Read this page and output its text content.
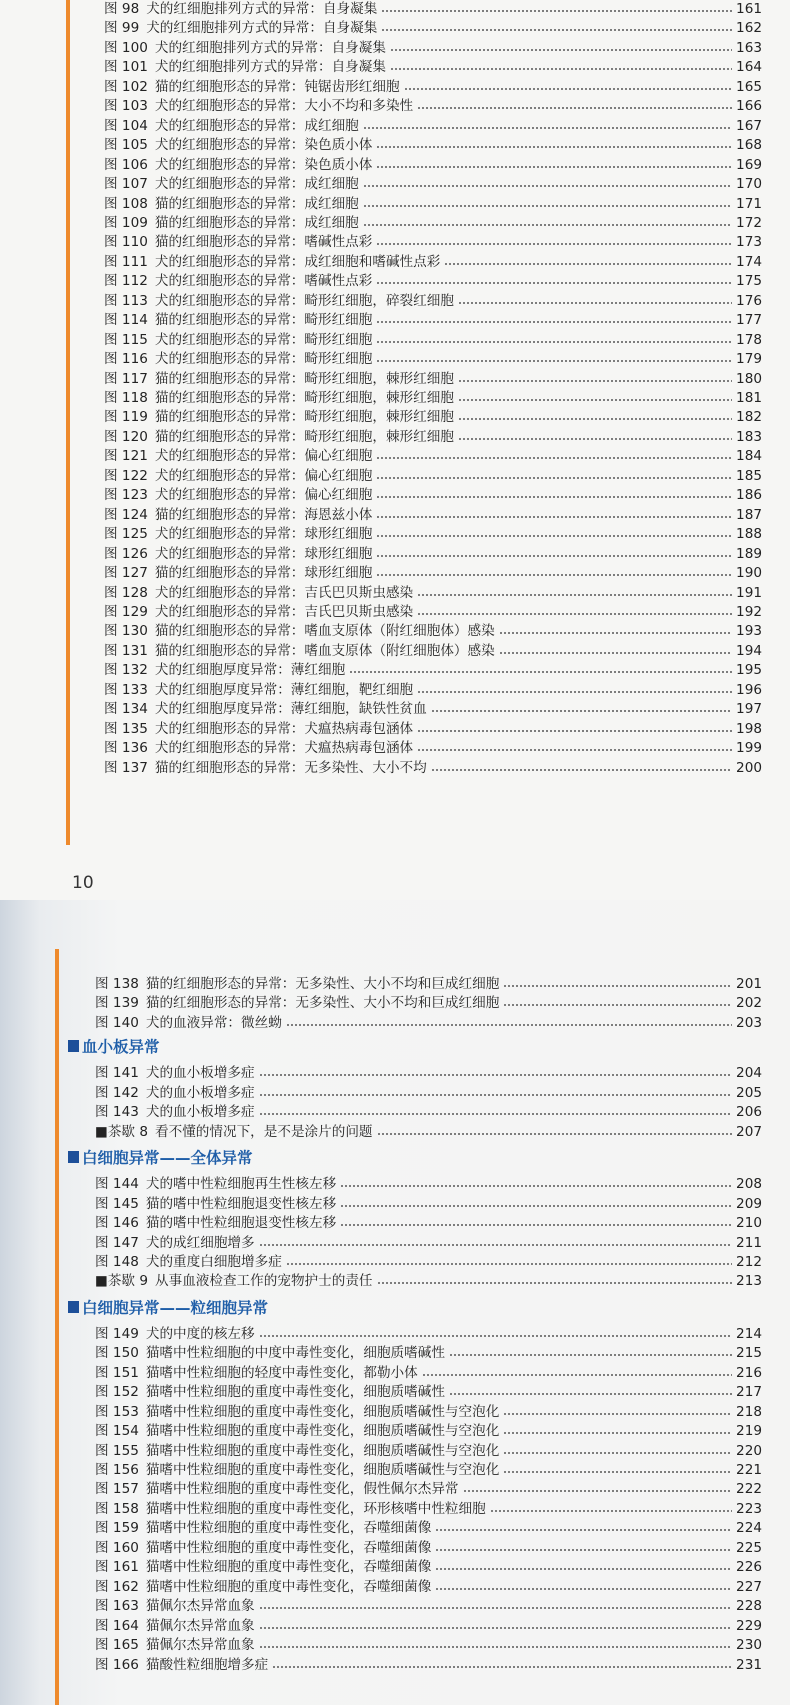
图 98 犬的红细胞排列方式的异常：自身凝集	161
图 99 犬的红细胞排列方式的异常：自身凝集	162
图 100 犬的红细胞排列方式的异常：自身凝集	163
图 101 犬的红细胞排列方式的异常：自身凝集	164
图 102 猫的红细胞形态的异常：钝锯齿形红细胞	165
图 103 犬的红细胞形态的异常：大小不均和多染性	166
图 104 犬的红细胞形态的异常：成红细胞	167
图 105 犬的红细胞形态的异常：染色质小体	168
图 106 犬的红细胞形态的异常：染色质小体	169
图 107 犬的红细胞形态的异常：成红细胞	170
图 108 猫的红细胞形态的异常：成红细胞	171
图 109 猫的红细胞形态的异常：成红细胞	172
图 110 猫的红细胞形态的异常：嗜碱性点彩	173
图 111 犬的红细胞形态的异常：成红细胞和嗜碱性点彩	174
图 112 犬的红细胞形态的异常：嗜碱性点彩	175
图 113 犬的红细胞形态的异常：畸形红细胞，碎裂红细胞	176
图 114 猫的红细胞形态的异常：畸形红细胞	177
图 115 犬的红细胞形态的异常：畸形红细胞	178
图 116 犬的红细胞形态的异常：畸形红细胞	179
图 117 猫的红细胞形态的异常：畸形红细胞，棘形红细胞	180
图 118 猫的红细胞形态的异常：畸形红细胞，棘形红细胞	181
图 119 猫的红细胞形态的异常：畸形红细胞，棘形红细胞	182
图 120 猫的红细胞形态的异常：畸形红细胞，棘形红细胞	183
图 121 犬的红细胞形态的异常：偏心红细胞	184
图 122 犬的红细胞形态的异常：偏心红细胞	185
图 123 犬的红细胞形态的异常：偏心红细胞	186
图 124 猫的红细胞形态的异常：海恩兹小体	187
图 125 犬的红细胞形态的异常：球形红细胞	188
图 126 犬的红细胞形态的异常：球形红细胞	189
图 127 猫的红细胞形态的异常：球形红细胞	190
图 128 犬的红细胞形态的异常：吉氏巴贝斯虫感染	191
图 129 犬的红细胞形态的异常：吉氏巴贝斯虫感染	192
图 130 猫的红细胞形态的异常：嗜血支原体（附红细胞体）感染	193
图 131 猫的红细胞形态的异常：嗜血支原体（附红细胞体）感染	194
图 132 犬的红细胞厚度异常：薄红细胞	195
图 133 犬的红细胞厚度异常：薄红细胞，靶红细胞	196
图 134 犬的红细胞厚度异常：薄红细胞，缺铁性贫血	197
图 135 犬的红细胞形态的异常：犬瘟热病毒包涵体	198
图 136 犬的红细胞形态的异常：犬瘟热病毒包涵体	199
图 137 猫的红细胞形态的异常：无多染性、大小不均	200
10
图 138 猫的红细胞形态的异常：无多染性、大小不均和巨成红细胞	201
图 139 猫的红细胞形态的异常：无多染性、大小不均和巨成红细胞	202
图 140 犬的血液异常：微丝蚴	203
血小板异常
图 141 犬的血小板增多症	204
图 142 犬的血小板增多症	205
图 143 犬的血小板增多症	206
■茶歇 8 看不懂的情况下，是不是涂片的问题	207
白细胞异常——全体异常
图 144 犬的嗜中性粒细胞再生性核左移	208
图 145 猫的嗜中性粒细胞退变性核左移	209
图 146 猫的嗜中性粒细胞退变性核左移	210
图 147 犬的成红细胞增多	211
图 148 犬的重度白细胞增多症	212
■茶歇 9 从事血液检查工作的宠物护士的责任	213
白细胞异常——粒细胞异常
图 149 犬的中度的核左移	214
图 150 猫嗜中性粒细胞的中度中毒性变化，细胞质嗜碱性	215
图 151 猫嗜中性粒细胞的轻度中毒性变化，都勒小体	216
图 152 猫嗜中性粒细胞的重度中毒性变化，细胞质嗜碱性	217
图 153 猫嗜中性粒细胞的重度中毒性变化，细胞质嗜碱性与空泡化	218
图 154 猫嗜中性粒细胞的重度中毒性变化，细胞质嗜碱性与空泡化	219
图 155 猫嗜中性粒细胞的重度中毒性变化，细胞质嗜碱性与空泡化	220
图 156 猫嗜中性粒细胞的重度中毒性变化，细胞质嗜碱性与空泡化	221
图 157 猫嗜中性粒细胞的重度中毒性变化，假性佩尔杰异常	222
图 158 猫嗜中性粒细胞的重度中毒性变化，环形核嗜中性粒细胞	223
图 159 猫嗜中性粒细胞的重度中毒性变化，吞噬细菌像	224
图 160 猫嗜中性粒细胞的重度中毒性变化，吞噬细菌像	225
图 161 猫嗜中性粒细胞的重度中毒性变化，吞噬细菌像	226
图 162 猫嗜中性粒细胞的重度中毒性变化，吞噬细菌像	227
图 163 猫佩尔杰异常血象	228
图 164 猫佩尔杰异常血象	229
图 165 猫佩尔杰异常血象	230
图 166 猫酸性粒细胞增多症	231
